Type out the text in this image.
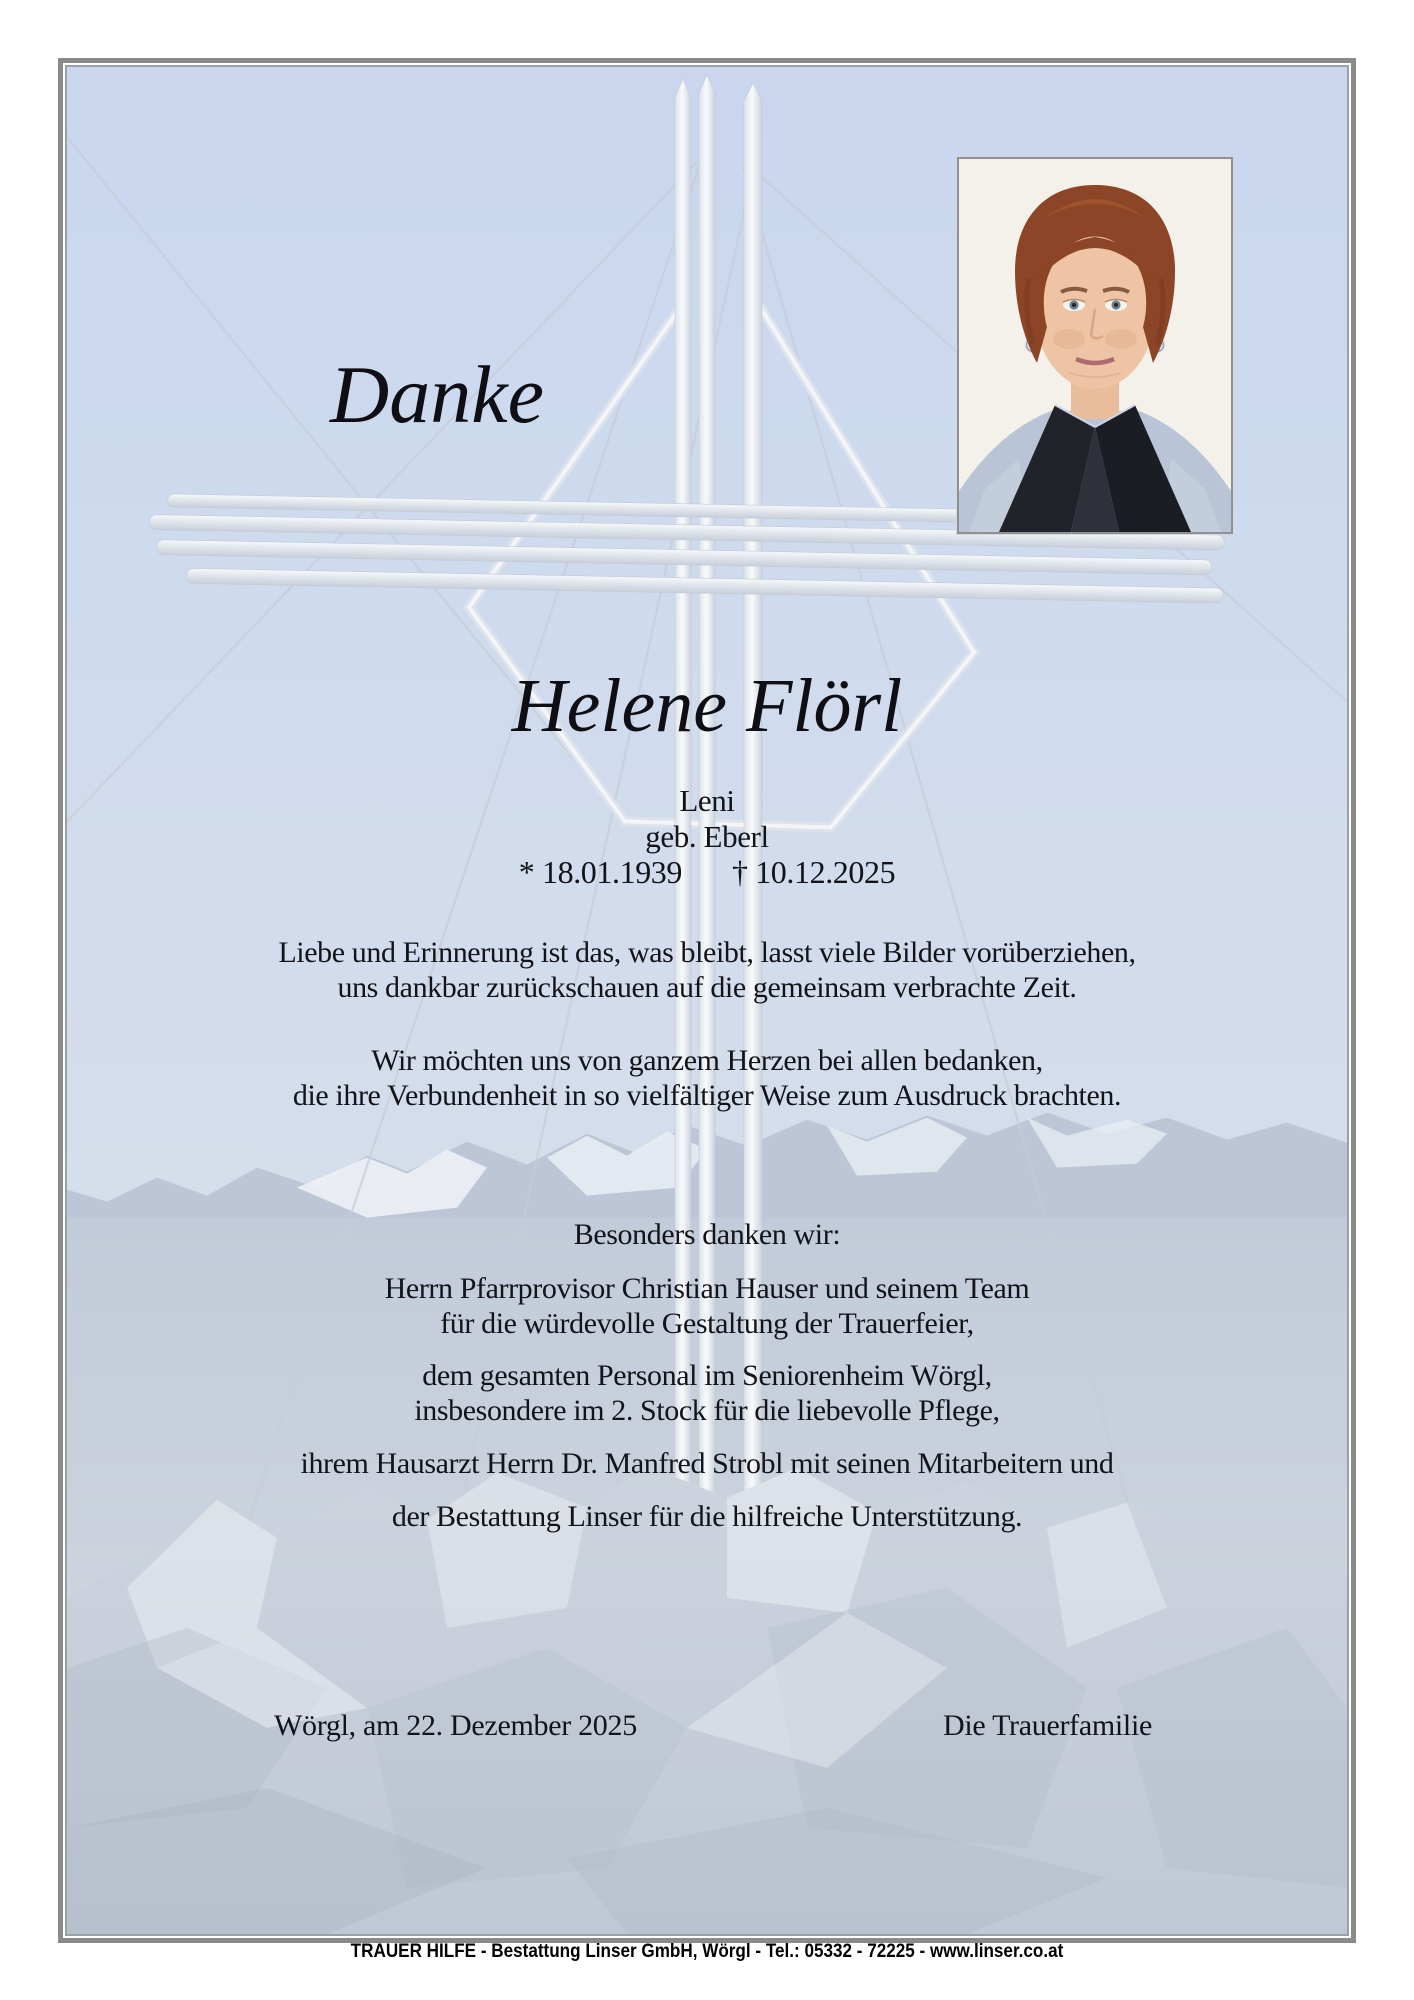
Danke
Helene Flörl
Leni
geb. Eberl
* 18.01.1939 † 10.12.2025
Liebe und Erinnerung ist das, was bleibt, lasst viele Bilder vorüberziehen,
uns dankbar zurückschauen auf die gemeinsam verbrachte Zeit.
Wir möchten uns von ganzem Herzen bei allen bedanken,
die ihre Verbundenheit in so vielfältiger Weise zum Ausdruck brachten.
Besonders danken wir:
Herrn Pfarrprovisor Christian Hauser und seinem Team
für die würdevolle Gestaltung der Trauerfeier,
dem gesamten Personal im Seniorenheim Wörgl,
insbesondere im 2. Stock für die liebevolle Pflege,
ihrem Hausarzt Herrn Dr. Manfred Strobl mit seinen Mitarbeitern und
der Bestattung Linser für die hilfreiche Unterstützung.
Wörgl, am 22. Dezember 2025	Die Trauerfamilie
TRAUER HILFE - Bestattung Linser GmbH, Wörgl - Tel.: 05332 - 72225 - www.linser.co.at
